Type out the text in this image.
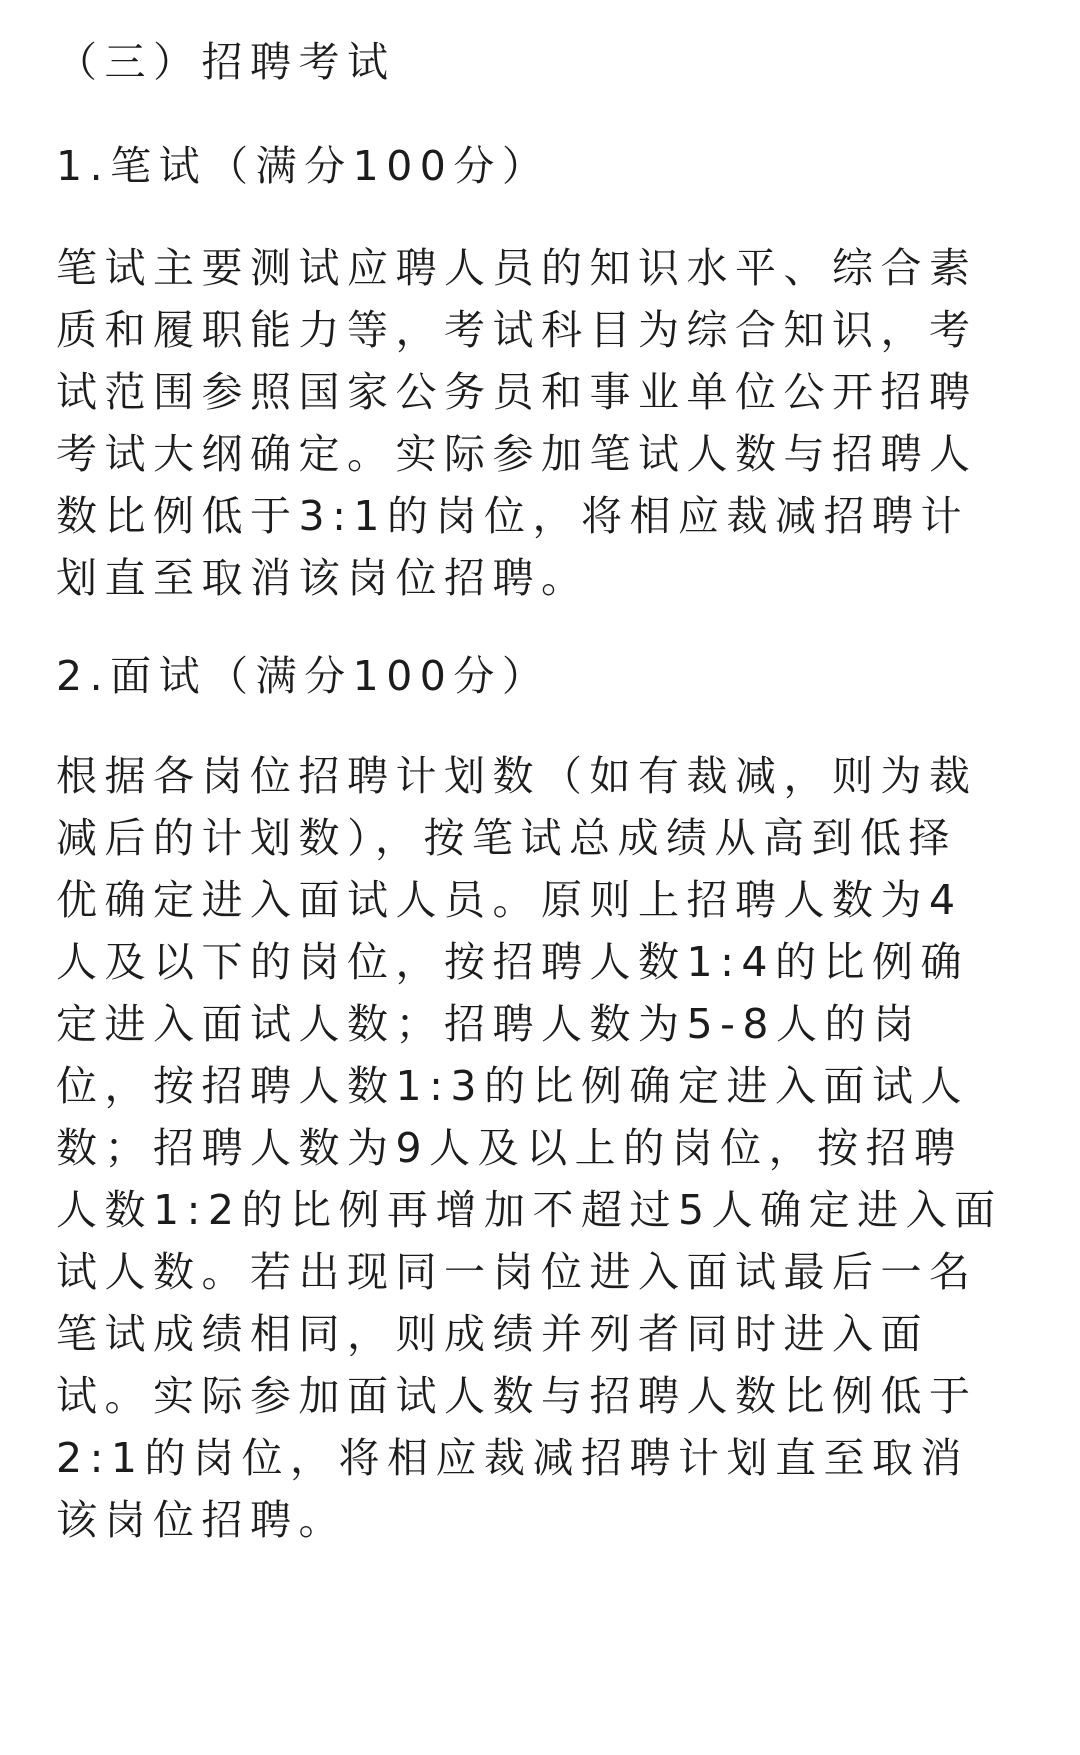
（三）招聘考试
1.笔试（满分100分）
笔试主要测试应聘人员的知识水平、综合素
质和履职能力等，考试科目为综合知识，考
试范围参照国家公务员和事业单位公开招聘
考试大纲确定。实际参加笔试人数与招聘人
数比例低于3:1的岗位，将相应裁减招聘计
划直至取消该岗位招聘。
2.面试（满分100分）
根据各岗位招聘计划数（如有裁减，则为裁
减后的计划数），按笔试总成绩从高到低择
优确定进入面试人员。原则上招聘人数为4
人及以下的岗位，按招聘人数1:4的比例确
定进入面试人数；招聘人数为5-8人的岗
位，按招聘人数1:3的比例确定进入面试人
数；招聘人数为9人及以上的岗位，按招聘
人数1:2的比例再增加不超过5人确定进入面
试人数。若出现同一岗位进入面试最后一名
笔试成绩相同，则成绩并列者同时进入面
试。实际参加面试人数与招聘人数比例低于
2:1的岗位，将相应裁减招聘计划直至取消
该岗位招聘。
